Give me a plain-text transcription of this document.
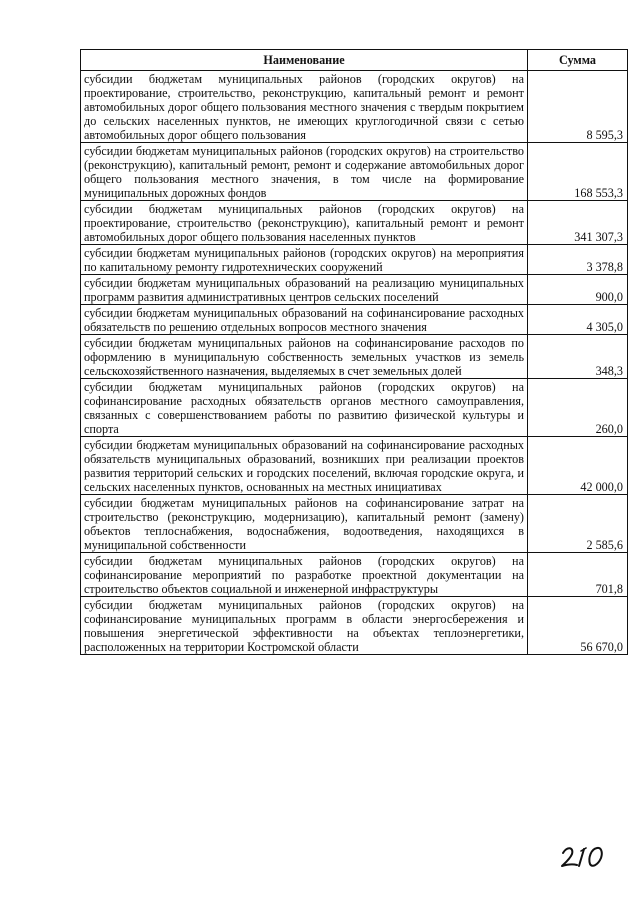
Наименование	Сумма
субсидии бюджетам муниципальных районов (городских округов) на проектирование, строительство, реконструкцию, капитальный ремонт и ремонт автомобильных дорог общего пользования местного значения с твердым покрытием до сельских населенных пунктов, не имеющих круглогодичной связи с сетью автомобильных дорог общего пользования	8 595,3
субсидии бюджетам муниципальных районов (городских округов) на строительство (реконструкцию), капитальный ремонт, ремонт и содержание автомобильных дорог общего пользования местного значения, в том числе на формирование муниципальных дорожных фондов	168 553,3
субсидии бюджетам муниципальных районов (городских округов) на проектирование, строительство (реконструкцию), капитальный ремонт и ремонт автомобильных дорог общего пользования населенных пунктов	341 307,3
субсидии бюджетам муниципальных районов (городских округов) на мероприятия по капитальному ремонту гидротехнических сооружений	3 378,8
субсидии бюджетам муниципальных образований на реализацию муниципальных программ развития административных центров сельских поселений	900,0
субсидии бюджетам муниципальных образований на софинансирование расходных обязательств по решению отдельных вопросов местного значения	4 305,0
субсидии бюджетам муниципальных районов на софинансирование расходов по оформлению в муниципальную собственность земельных участков из земель сельскохозяйственного назначения, выделяемых в счет земельных долей	348,3
субсидии бюджетам муниципальных районов (городских округов) на софинансирование расходных обязательств органов местного самоуправления, связанных с совершенствованием работы по развитию физической культуры и спорта	260,0
субсидии бюджетам муниципальных образований на софинансирование расходных обязательств муниципальных образований, возникших при реализации проектов развития территорий сельских и городских поселений, включая городские округа, и сельских населенных пунктов, основанных на местных инициативах	42 000,0
субсидии бюджетам муниципальных районов на софинансирование затрат на строительство (реконструкцию, модернизацию), капитальный ремонт (замену) объектов теплоснабжения, водоснабжения, водоотведения, находящихся в муниципальной собственности	2 585,6
субсидии бюджетам муниципальных районов (городских округов) на софинансирование мероприятий по разработке проектной документации на строительство объектов социальной и инженерной инфраструктуры	701,8
субсидии бюджетам муниципальных районов (городских округов) на софинансирование муниципальных программ в области энергосбережения и повышения энергетической эффективности на объектах теплоэнергетики, расположенных на территории Костромской области	56 670,0
